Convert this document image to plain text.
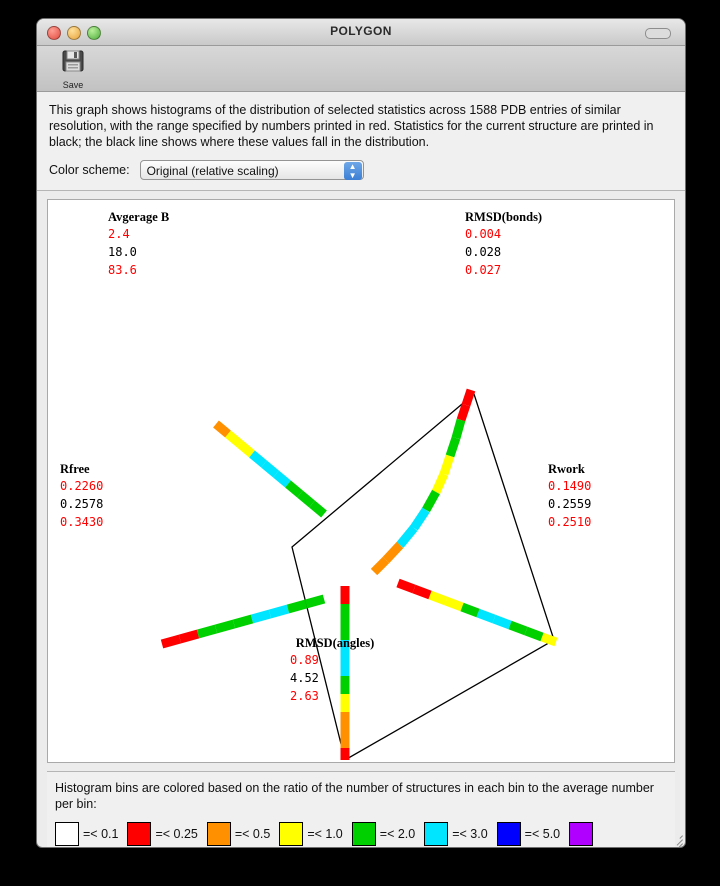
POLYGON
Save
This graph shows histograms of the distribution of selected statistics across 1588 PDB entries of similar resolution, with the range specified by numbers printed in red. Statistics for the current structure are printed in black; the black line shows where these values fall in the distribution.
Color scheme:	Original (relative scaling)	▲
▼
Avgerage B
2.4
18.0
83.6
RMSD(bonds)
0.004
0.028
0.027
Rwork
0.1490
0.2559
0.2510
RMSD(angles)
0.89
4.52
2.63
Rfree
0.2260
0.2578
0.3430
Histogram bins are colored based on the ratio of the number of structures in each bin to the average number per bin:
=< 0.1	=< 0.25	=< 0.5	=< 1.0	=< 2.0	=< 3.0	=< 5.0
